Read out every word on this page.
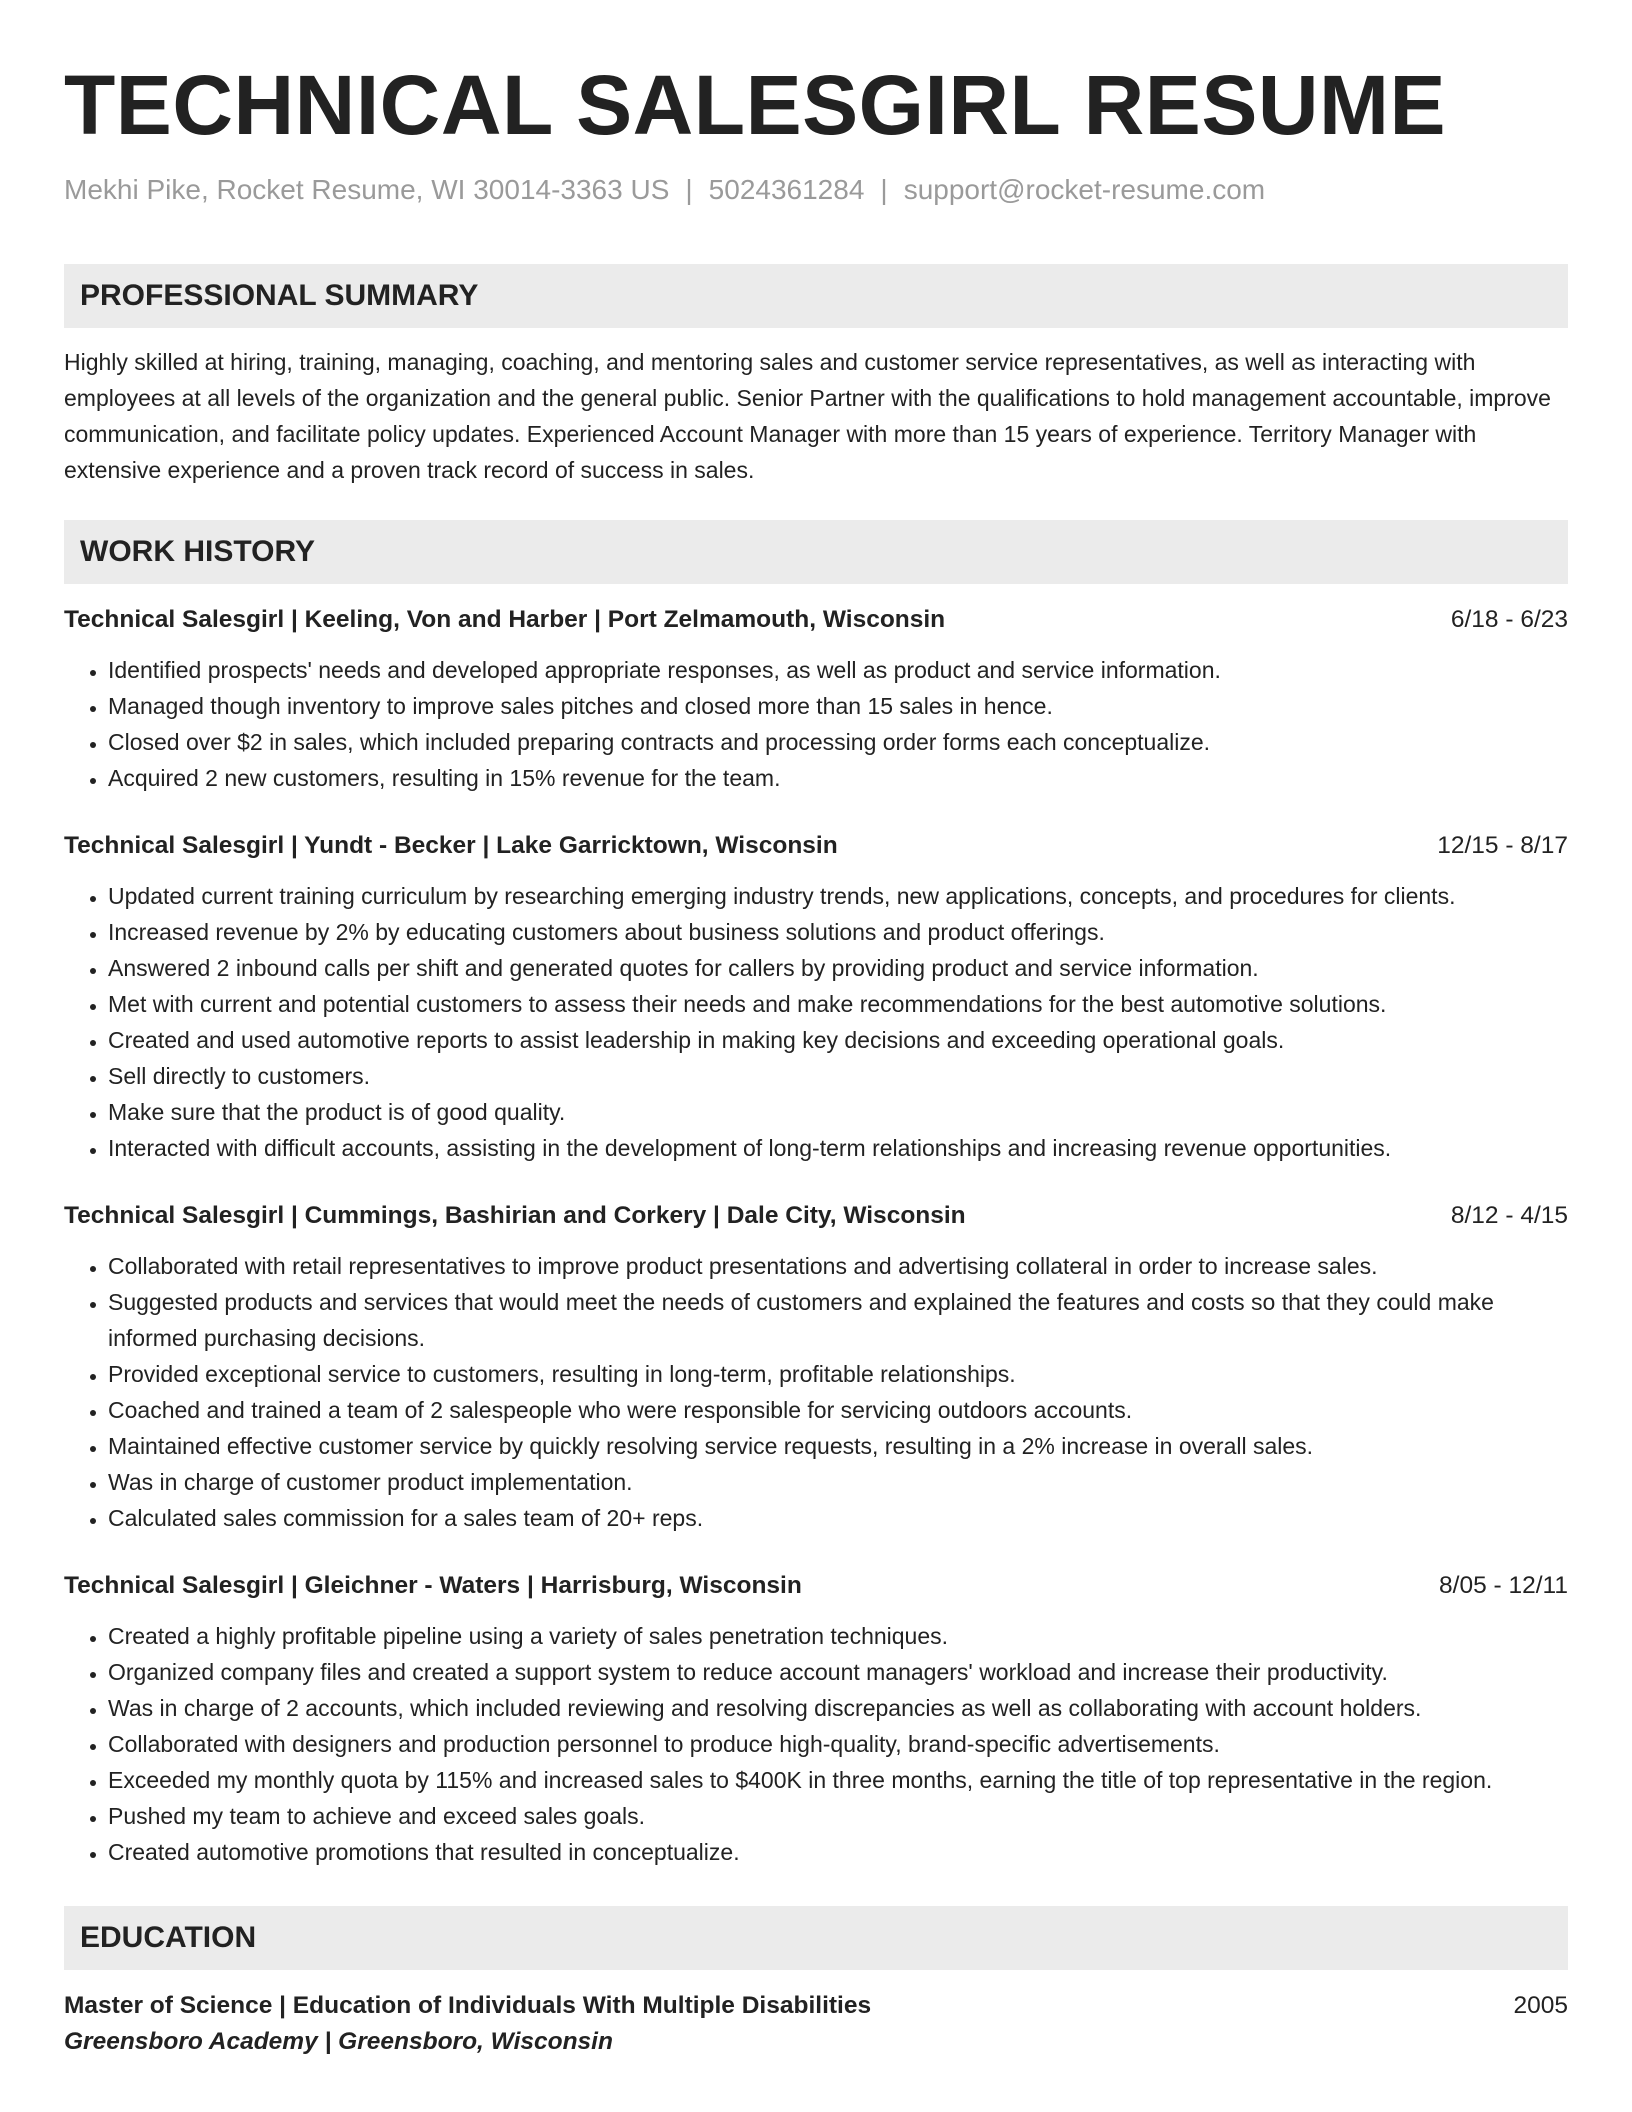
TECHNICAL SALESGIRL RESUME
Mekhi Pike, Rocket Resume, WI 30014-3363 US | 5024361284 | support@rocket-resume.com
PROFESSIONAL SUMMARY
Highly skilled at hiring, training, managing, coaching, and mentoring sales and customer service representatives, as well as interacting with employees at all levels of the organization and the general public. Senior Partner with the qualifications to hold management accountable, improve communication, and facilitate policy updates. Experienced Account Manager with more than 15 years of experience. Territory Manager with extensive experience and a proven track record of success in sales.
WORK HISTORY
Technical Salesgirl | Keeling, Von and Harber | Port Zelmamouth, Wisconsin	6/18 - 6/23
• Identified prospects' needs and developed appropriate responses, as well as product and service information.
• Managed though inventory to improve sales pitches and closed more than 15 sales in hence.
• Closed over $2 in sales, which included preparing contracts and processing order forms each conceptualize.
• Acquired 2 new customers, resulting in 15% revenue for the team.
Technical Salesgirl | Yundt - Becker | Lake Garricktown, Wisconsin	12/15 - 8/17
• Updated current training curriculum by researching emerging industry trends, new applications, concepts, and procedures for clients.
• Increased revenue by 2% by educating customers about business solutions and product offerings.
• Answered 2 inbound calls per shift and generated quotes for callers by providing product and service information.
• Met with current and potential customers to assess their needs and make recommendations for the best automotive solutions.
• Created and used automotive reports to assist leadership in making key decisions and exceeding operational goals.
• Sell directly to customers.
• Make sure that the product is of good quality.
• Interacted with difficult accounts, assisting in the development of long-term relationships and increasing revenue opportunities.
Technical Salesgirl | Cummings, Bashirian and Corkery | Dale City, Wisconsin	8/12 - 4/15
• Collaborated with retail representatives to improve product presentations and advertising collateral in order to increase sales.
• Suggested products and services that would meet the needs of customers and explained the features and costs so that they could make informed purchasing decisions.
• Provided exceptional service to customers, resulting in long-term, profitable relationships.
• Coached and trained a team of 2 salespeople who were responsible for servicing outdoors accounts.
• Maintained effective customer service by quickly resolving service requests, resulting in a 2% increase in overall sales.
• Was in charge of customer product implementation.
• Calculated sales commission for a sales team of 20+ reps.
Technical Salesgirl | Gleichner - Waters | Harrisburg, Wisconsin	8/05 - 12/11
• Created a highly profitable pipeline using a variety of sales penetration techniques.
• Organized company files and created a support system to reduce account managers' workload and increase their productivity.
• Was in charge of 2 accounts, which included reviewing and resolving discrepancies as well as collaborating with account holders.
• Collaborated with designers and production personnel to produce high-quality, brand-specific advertisements.
• Exceeded my monthly quota by 115% and increased sales to $400K in three months, earning the title of top representative in the region.
• Pushed my team to achieve and exceed sales goals.
• Created automotive promotions that resulted in conceptualize.
EDUCATION
Master of Science | Education of Individuals With Multiple Disabilities	2005
Greensboro Academy | Greensboro, Wisconsin
